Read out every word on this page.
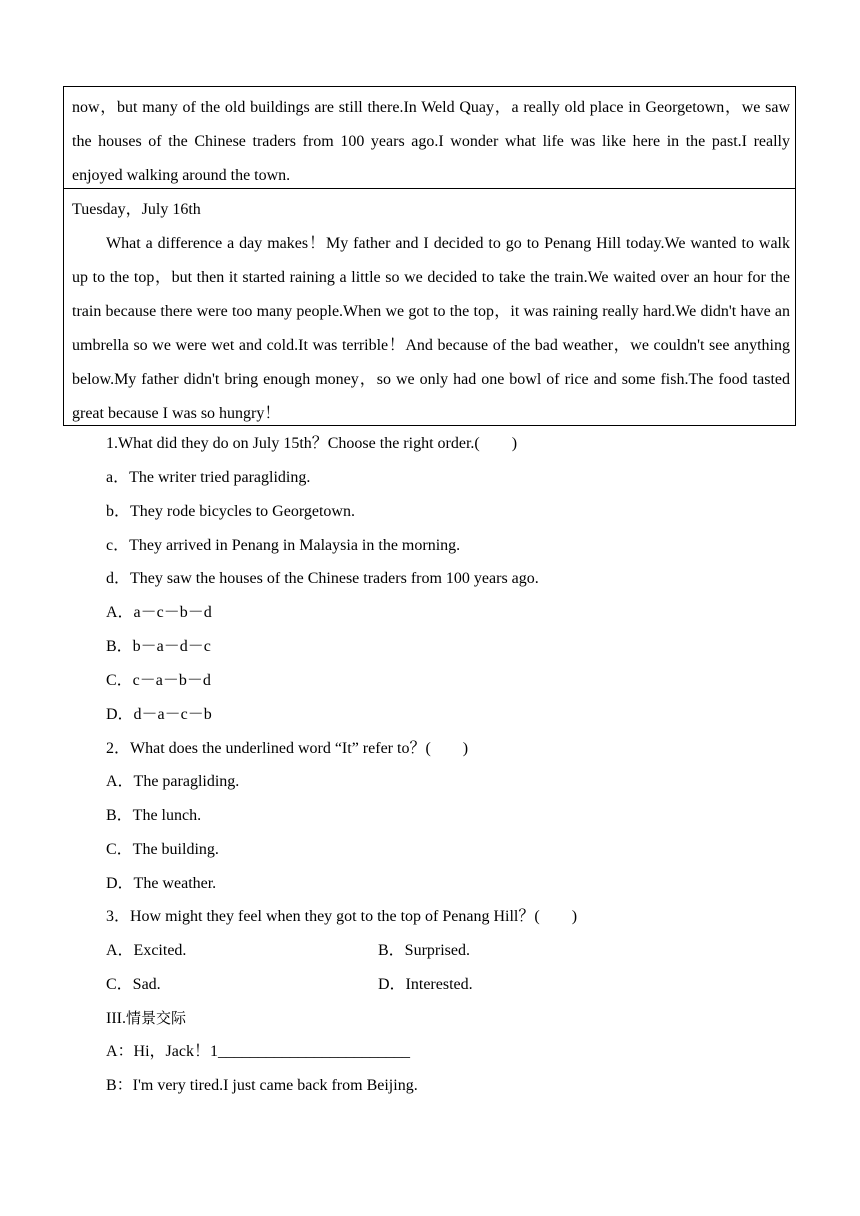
now，but many of the old buildings are still there.In Weld Quay，a really old place in Georgetown，we saw the houses of the Chinese traders from 100 years ago.I wonder what life was like here in the past.I really enjoyed walking around the town.

Tuesday，July 16th

What a difference a day makes！My father and I decided to go to Penang Hill today.We wanted to walk up to the top，but then it started raining a little so we decided to take the train.We waited over an hour for the train because there were too many people.When we got to the top，it was raining really hard.We didn't have an umbrella so we were wet and cold.It was terrible！And because of the bad weather，we couldn't see anything below.My father didn't bring enough money，so we only had one bowl of rice and some fish.The food tasted great because I was so hungry！

1.What did they do on July 15th？Choose the right order.(　　)
a．The writer tried paragliding.
b．They rode bicycles to Georgetown.
c．They arrived in Penang in Malaysia in the morning.
d．They saw the houses of the Chinese traders from 100 years ago.
A．a－c－b－d
B．b－a－d－c
C．c－a－b－d
D．d－a－c－b
2．What does the underlined word “It” refer to？(　　)
A．The paragliding.
B．The lunch.
C．The building.
D．The weather.
3．How might they feel when they got to the top of Penang Hill？(　　)
A．Excited.	B．Surprised.
C．Sad.	D．Interested.
III.情景交际
A：Hi，Jack！1________________________
B：I'm very tired.I just came back from Beijing.
